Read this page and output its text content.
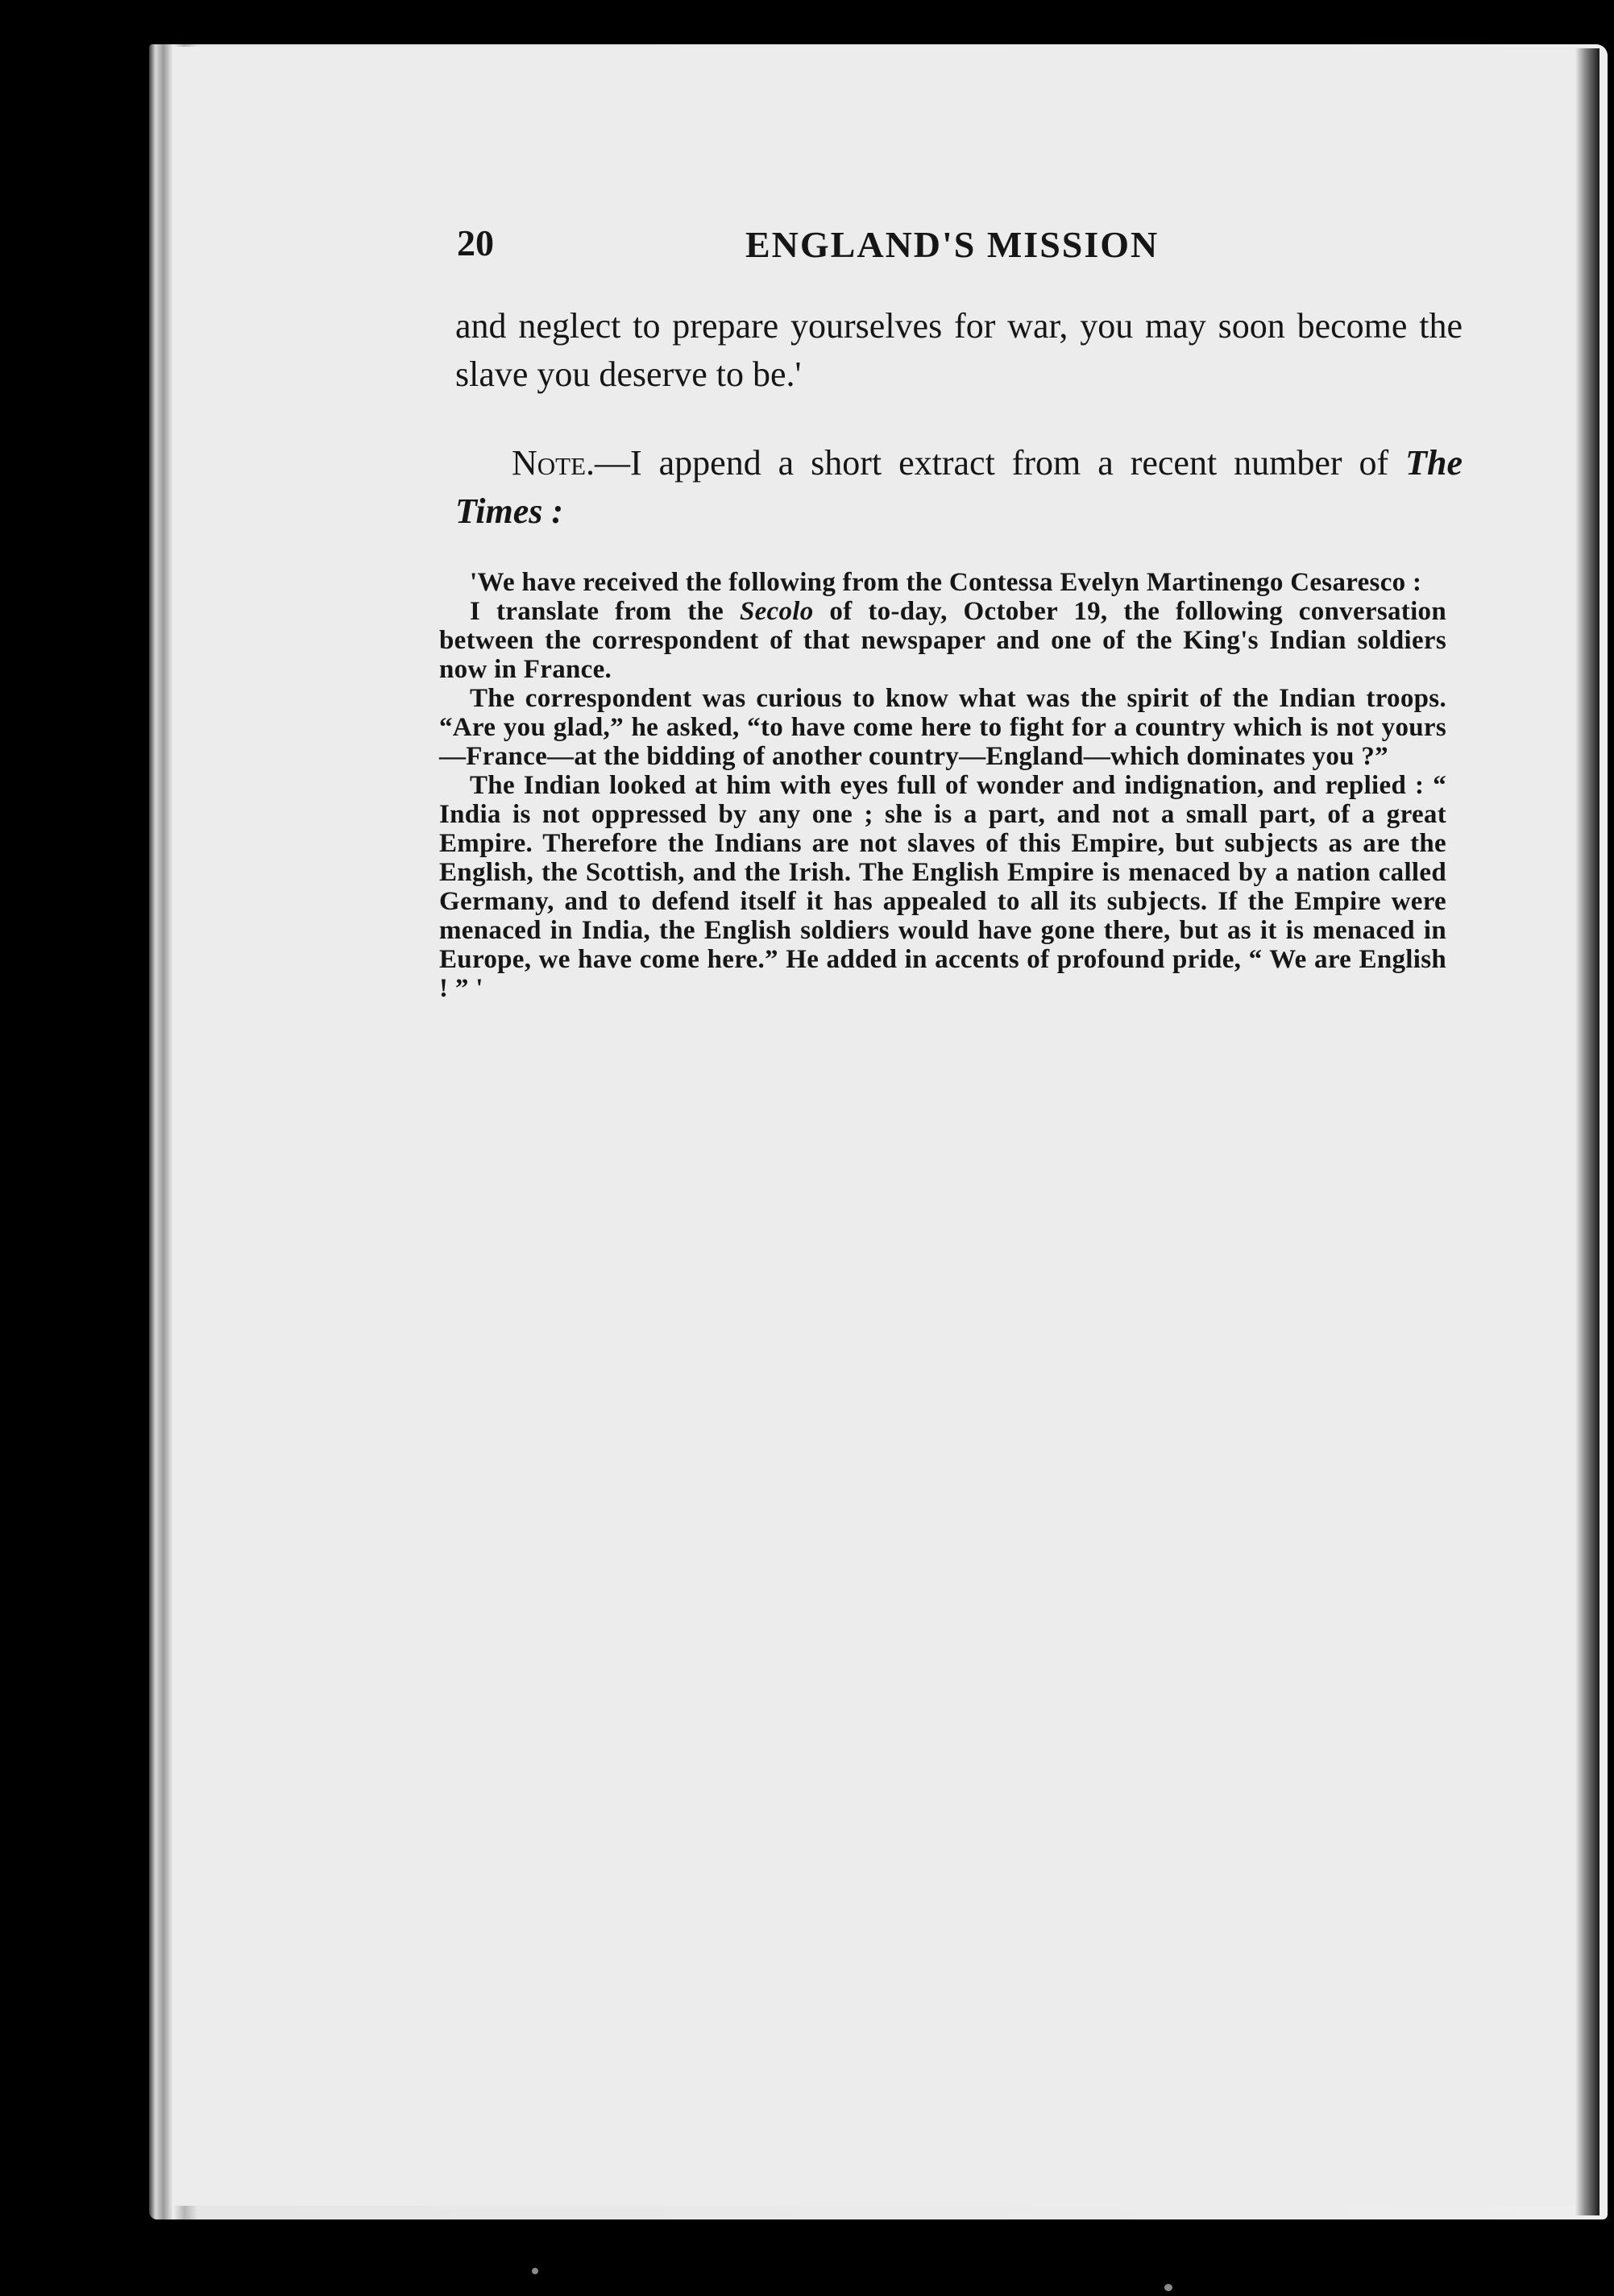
20	ENGLAND'S MISSION

and neglect to prepare yourselves for war, you may soon become the slave you deserve to be.'

Note.—I append a short extract from a recent number of The Times :

'We have received the following from the Contessa Evelyn Martinengo Cesaresco :

I translate from the Secolo of to-day, October 19, the following conversation between the correspondent of that newspaper and one of the King's Indian soldiers now in France.

The correspondent was curious to know what was the spirit of the Indian troops. “Are you glad,” he asked, “to have come here to fight for a country which is not yours—France—at the bidding of another country—England—which dominates you ?”

The Indian looked at him with eyes full of wonder and indignation, and replied : “ India is not oppressed by any one ; she is a part, and not a small part, of a great Empire. Therefore the Indians are not slaves of this Empire, but subjects as are the English, the Scottish, and the Irish. The English Empire is menaced by a nation called Germany, and to defend itself it has appealed to all its subjects. If the Empire were menaced in India, the English soldiers would have gone there, but as it is menaced in Europe, we have come here.” He added in accents of profound pride, “ We are English ! ” '
